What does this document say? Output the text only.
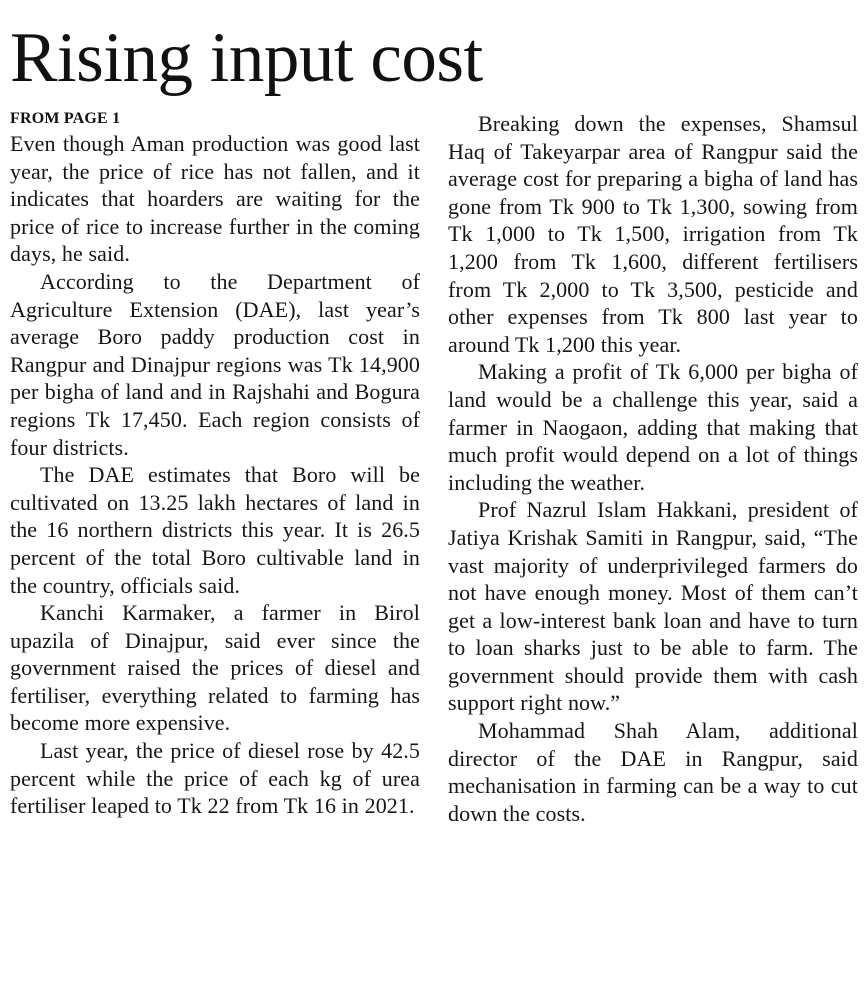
Rising input cost

FROM PAGE 1

Even though Aman production was good last year, the price of rice has not fallen, and it indicates that hoarders are waiting for the price of rice to increase further in the coming days, he said.

According to the Department of Agriculture Extension (DAE), last year’s average Boro paddy production cost in Rangpur and Dinajpur regions was Tk 14,900 per bigha of land and in Rajshahi and Bogura regions Tk 17,450. Each region consists of four districts.

The DAE estimates that Boro will be cultivated on 13.25 lakh hectares of land in the 16 northern districts this year. It is 26.5 percent of the total Boro cultivable land in the country, officials said.

Kanchi Karmaker, a farmer in Birol upazila of Dinajpur, said ever since the government raised the prices of diesel and fertiliser, everything related to farming has become more expensive.

Last year, the price of diesel rose by 42.5 percent while the price of each kg of urea fertiliser leaped to Tk 22 from Tk 16 in 2021.

Breaking down the expenses, Shamsul Haq of Takeyarpar area of Rangpur said the average cost for preparing a bigha of land has gone from Tk 900 to Tk 1,300, sowing from Tk 1,000 to Tk 1,500, irrigation from Tk 1,200 from Tk 1,600, different fertilisers from Tk 2,000 to Tk 3,500, pesticide and other expenses from Tk 800 last year to around Tk 1,200 this year.

Making a profit of Tk 6,000 per bigha of land would be a challenge this year, said a farmer in Naogaon, adding that making that much profit would depend on a lot of things including the weather.

Prof Nazrul Islam Hakkani, president of Jatiya Krishak Samiti in Rangpur, said, “The vast majority of underprivileged farmers do not have enough money. Most of them can’t get a low-interest bank loan and have to turn to loan sharks just to be able to farm. The government should provide them with cash support right now.”

Mohammad Shah Alam, additional director of the DAE in Rangpur, said mechanisation in farming can be a way to cut down the costs.
